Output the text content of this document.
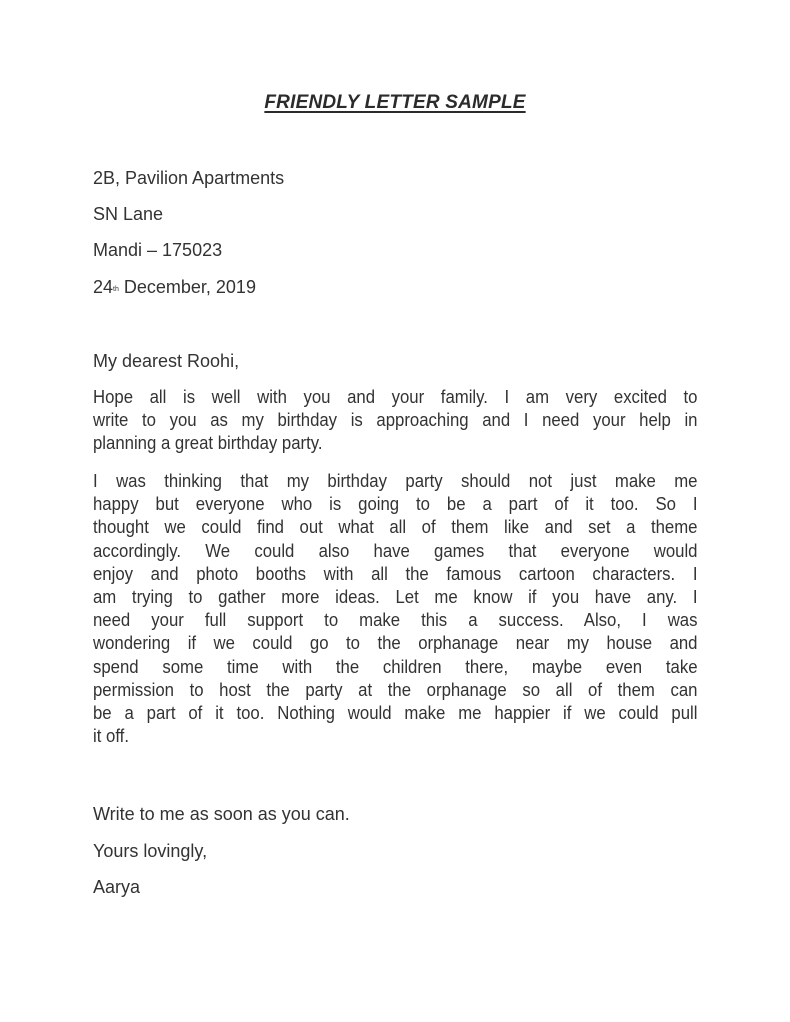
FRIENDLY LETTER SAMPLE
2B, Pavilion Apartments
SN Lane
Mandi – 175023
24th December, 2019
My dearest Roohi,
Hope all is well with you and your family. I am very excited to
write to you as my birthday is approaching and I need your help in
planning a great birthday party.
I was thinking that my birthday party should not just make me
happy but everyone who is going to be a part of it too. So I
thought we could find out what all of them like and set a theme
accordingly. We could also have games that everyone would
enjoy and photo booths with all the famous cartoon characters. I
am trying to gather more ideas. Let me know if you have any. I
need your full support to make this a success. Also, I was
wondering if we could go to the orphanage near my house and
spend some time with the children there, maybe even take
permission to host the party at the orphanage so all of them can
be a part of it too. Nothing would make me happier if we could pull
it off.
Write to me as soon as you can.
Yours lovingly,
Aarya
